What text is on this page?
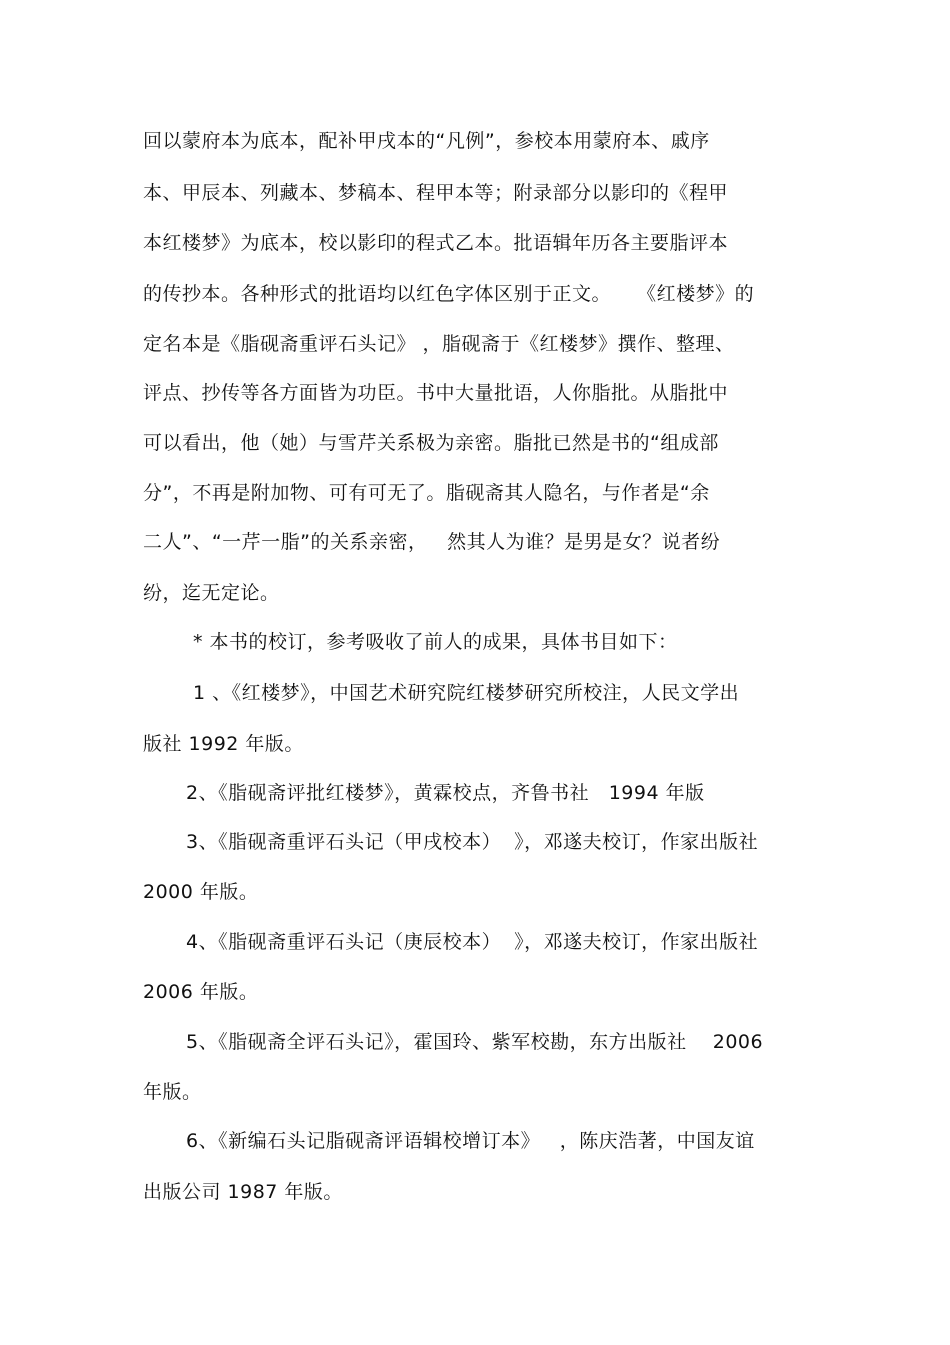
回以蒙府本为底本，配补甲戌本的“凡例”，参校本用蒙府本、戚序
本、甲辰本、列藏本、梦稿本、程甲本等；附录部分以影印的《程甲
本红楼梦》为底本，校以影印的程式乙本。批语辑年历各主要脂评本
的传抄本。各种形式的批语均以红色字体区别于正文。    《红楼梦》的
定名本是《脂砚斋重评石头记》 ，脂砚斋于《红楼梦》撰作、整理、
评点、抄传等各方面皆为功臣。书中大量批语，人你脂批。从脂批中
可以看出，他（她）与雪芹关系极为亲密。脂批已然是书的“组成部
分”，不再是附加物、可有可无了。脂砚斋其人隐名，与作者是“余
二人”、“一芹一脂”的关系亲密，   然其人为谁？是男是女？说者纷
纷，迄无定论。
* 本书的校订，参考吸收了前人的成果，具体书目如下：
1 、《红楼梦》，中国艺术研究院红楼梦研究所校注，人民文学出
版社 1992 年版。
2、《脂砚斋评批红楼梦》，黄霖校点，齐鲁书社   1994 年版
3、《脂砚斋重评石头记（甲戌校本）  》，邓遂夫校订，作家出版社
2000 年版。
4、《脂砚斋重评石头记（庚辰校本）  》，邓遂夫校订，作家出版社
2006 年版。
5、《脂砚斋全评石头记》，霍国玲、紫军校勘，东方出版社    2006
年版。
6、《新编石头记脂砚斋评语辑校增订本》   ，陈庆浩著，中国友谊
出版公司 1987 年版。
